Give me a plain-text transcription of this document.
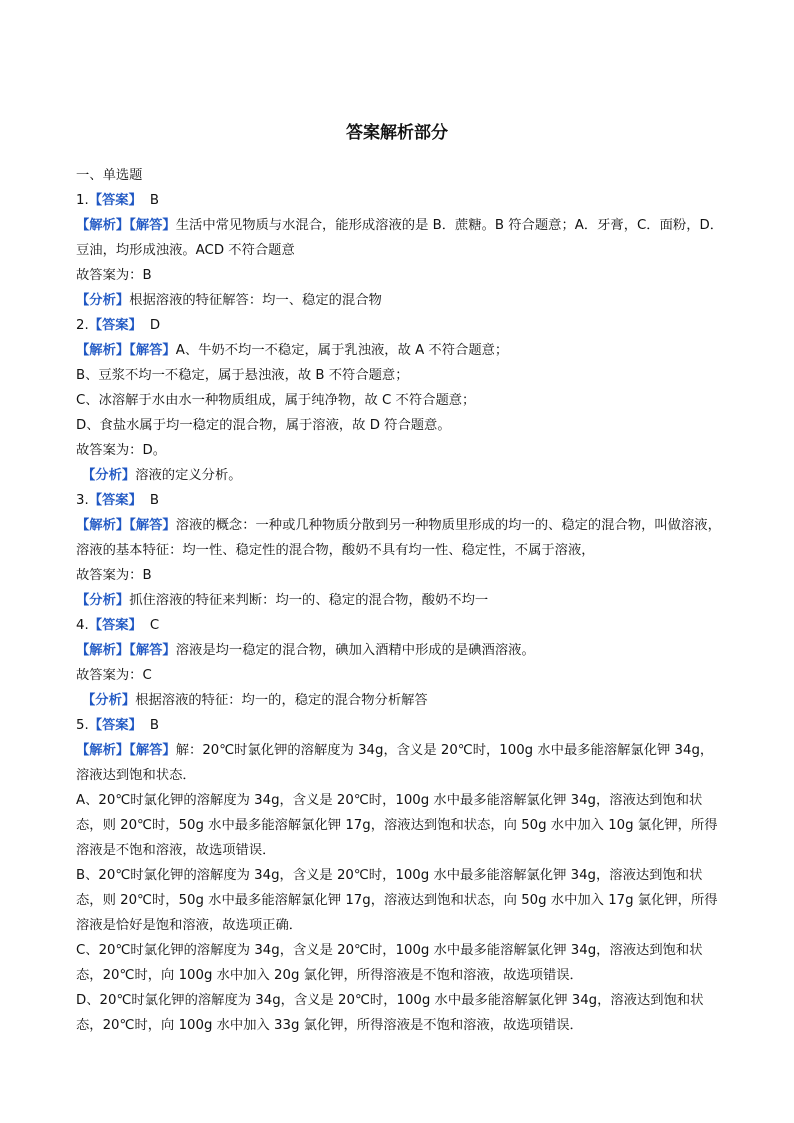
答案解析部分
一、单选题
1.【答案】 B
【解析】【解答】生活中常见物质与水混合，能形成溶液的是 B．蔗糖。B 符合题意；A．牙膏，C．面粉，D．豆油，均形成浊液。ACD 不符合题意
故答案为：B
【分析】根据溶液的特征解答：均一、稳定的混合物
2.【答案】 D
【解析】【解答】A、牛奶不均一不稳定，属于乳浊液，故 A 不符合题意；
B、豆浆不均一不稳定，属于悬浊液，故 B 不符合题意；
C、冰溶解于水由水一种物质组成，属于纯净物，故 C 不符合题意；
D、食盐水属于均一稳定的混合物，属于溶液，故 D 符合题意。
故答案为：D。
【分析】溶液的定义分析。
3.【答案】 B
【解析】【解答】溶液的概念：一种或几种物质分散到另一种物质里形成的均一的、稳定的混合物，叫做溶液，溶液的基本特征：均一性、稳定性的混合物，酸奶不具有均一性、稳定性，不属于溶液，
故答案为：B
【分析】抓住溶液的特征来判断：均一的、稳定的混合物，酸奶不均一
4.【答案】 C
【解析】【解答】溶液是均一稳定的混合物，碘加入酒精中形成的是碘酒溶液。
故答案为：C
【分析】根据溶液的特征：均一的，稳定的混合物分析解答
5.【答案】 B
【解析】【解答】解：20℃时氯化钾的溶解度为 34g，含义是 20℃时，100g 水中最多能溶解氯化钾 34g，溶液达到饱和状态．
A、20℃时氯化钾的溶解度为 34g，含义是 20℃时，100g 水中最多能溶解氯化钾 34g，溶液达到饱和状态，则 20℃时，50g 水中最多能溶解氯化钾 17g，溶液达到饱和状态，向 50g 水中加入 10g 氯化钾，所得溶液是不饱和溶液，故选项错误．
B、20℃时氯化钾的溶解度为 34g，含义是 20℃时，100g 水中最多能溶解氯化钾 34g，溶液达到饱和状态，则 20℃时，50g 水中最多能溶解氯化钾 17g，溶液达到饱和状态，向 50g 水中加入 17g 氯化钾，所得溶液是恰好是饱和溶液，故选项正确．
C、20℃时氯化钾的溶解度为 34g，含义是 20℃时，100g 水中最多能溶解氯化钾 34g，溶液达到饱和状态，20℃时，向 100g 水中加入 20g 氯化钾，所得溶液是不饱和溶液，故选项错误．
D、20℃时氯化钾的溶解度为 34g，含义是 20℃时，100g 水中最多能溶解氯化钾 34g，溶液达到饱和状态，20℃时，向 100g 水中加入 33g 氯化钾，所得溶液是不饱和溶液，故选项错误．
